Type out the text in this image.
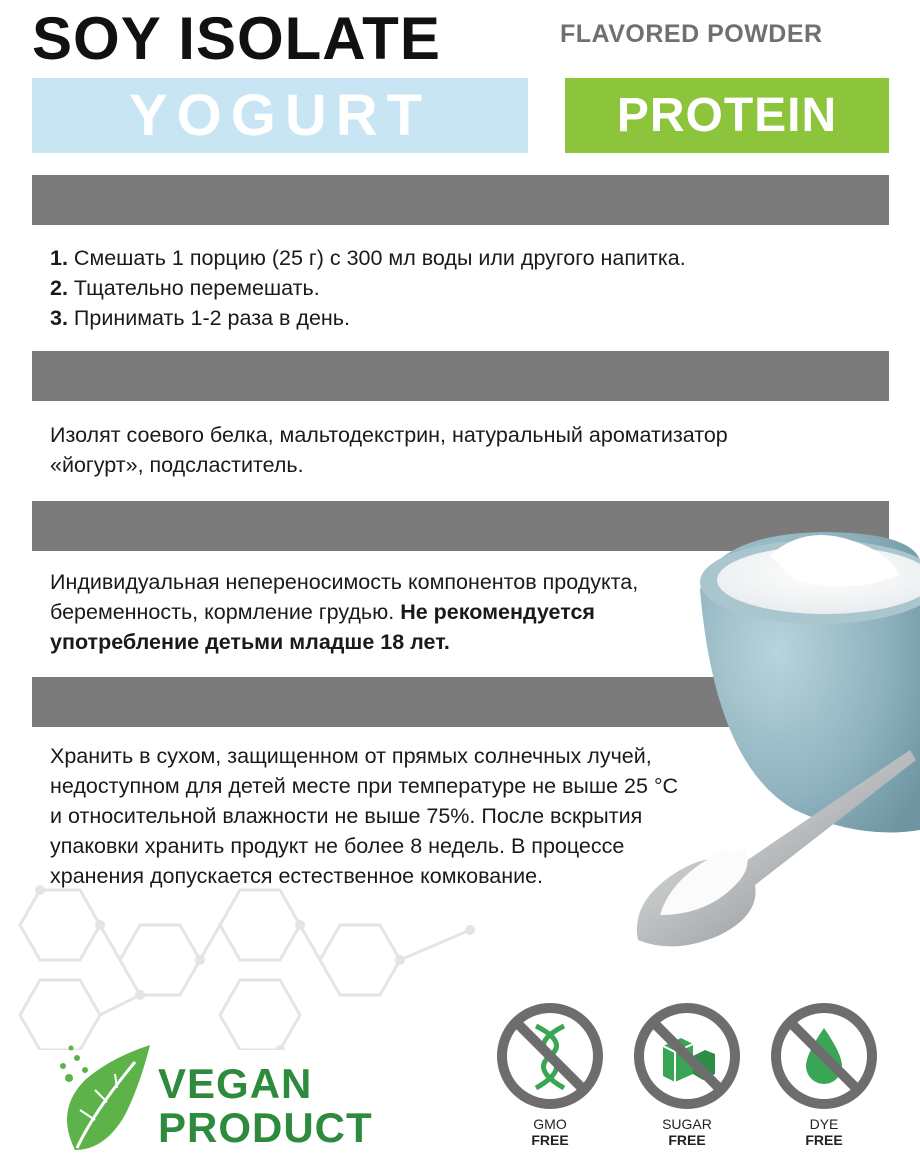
SOY ISOLATE	FLAVORED POWDER
YOGURT	PROTEIN
1. Смешать 1 порцию (25 г) с 300 мл воды или другого напитка.
2. Тщательно перемешать.
3. Принимать 1-2 раза в день.
Изолят соевого белка, мальтодекстрин, натуральный ароматизатор
«йогурт», подсластитель.
Индивидуальная непереносимость компонентов продукта,
беременность, кормление грудью. Не рекомендуется
употребление детьми младше 18 лет.
Хранить в сухом, защищенном от прямых солнечных лучей,
недоступном для детей месте при температуре не выше 25 °С
и относительной влажности не выше 75%. После вскрытия
упаковки хранить продукт не более 8 недель. В процессе
хранения допускается естественное комкование.
VEGAN
PRODUCT	GMO
FREE
SUGAR
FREE
DYE
FREE
